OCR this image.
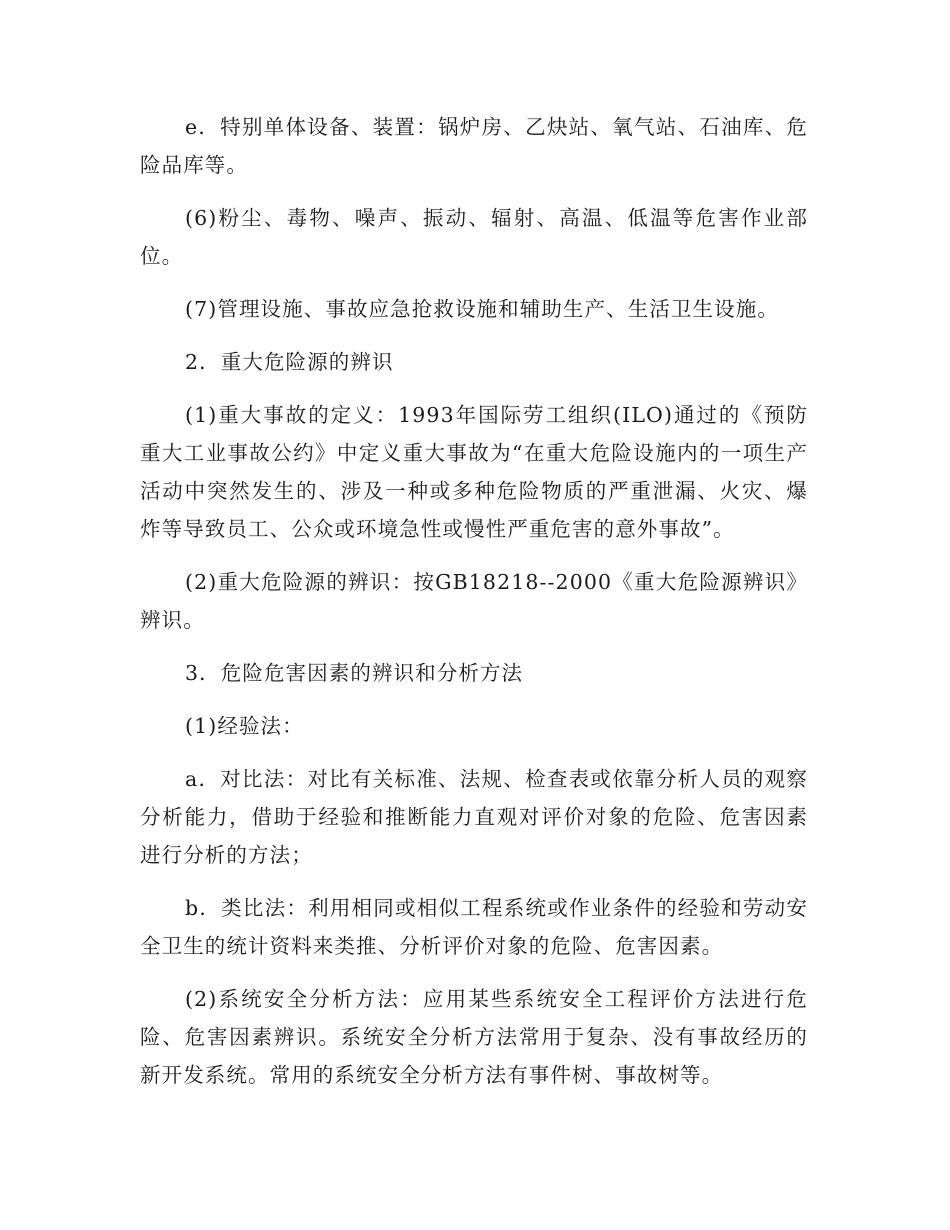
e．特别单体设备、装置：锅炉房、乙炔站、氧气站、石油库、危险品库等。

(6)粉尘、毒物、噪声、振动、辐射、高温、低温等危害作业部位。

(7)管理设施、事故应急抢救设施和辅助生产、生活卫生设施。

2．重大危险源的辨识

(1)重大事故的定义：1993年国际劳工组织(ILO)通过的《预防重大工业事故公约》中定义重大事故为“在重大危险设施内的一项生产活动中突然发生的、涉及一种或多种危险物质的严重泄漏、火灾、爆炸等导致员工、公众或环境急性或慢性严重危害的意外事故”。

(2)重大危险源的辨识：按GB18218--2000《重大危险源辨识》辨识。

3．危险危害因素的辨识和分析方法

(1)经验法：

a．对比法：对比有关标准、法规、检查表或依靠分析人员的观察分析能力，借助于经验和推断能力直观对评价对象的危险、危害因素进行分析的方法；

b．类比法：利用相同或相似工程系统或作业条件的经验和劳动安全卫生的统计资料来类推、分析评价对象的危险、危害因素。

(2)系统安全分析方法：应用某些系统安全工程评价方法进行危险、危害因素辨识。系统安全分析方法常用于复杂、没有事故经历的新开发系统。常用的系统安全分析方法有事件树、事故树等。
